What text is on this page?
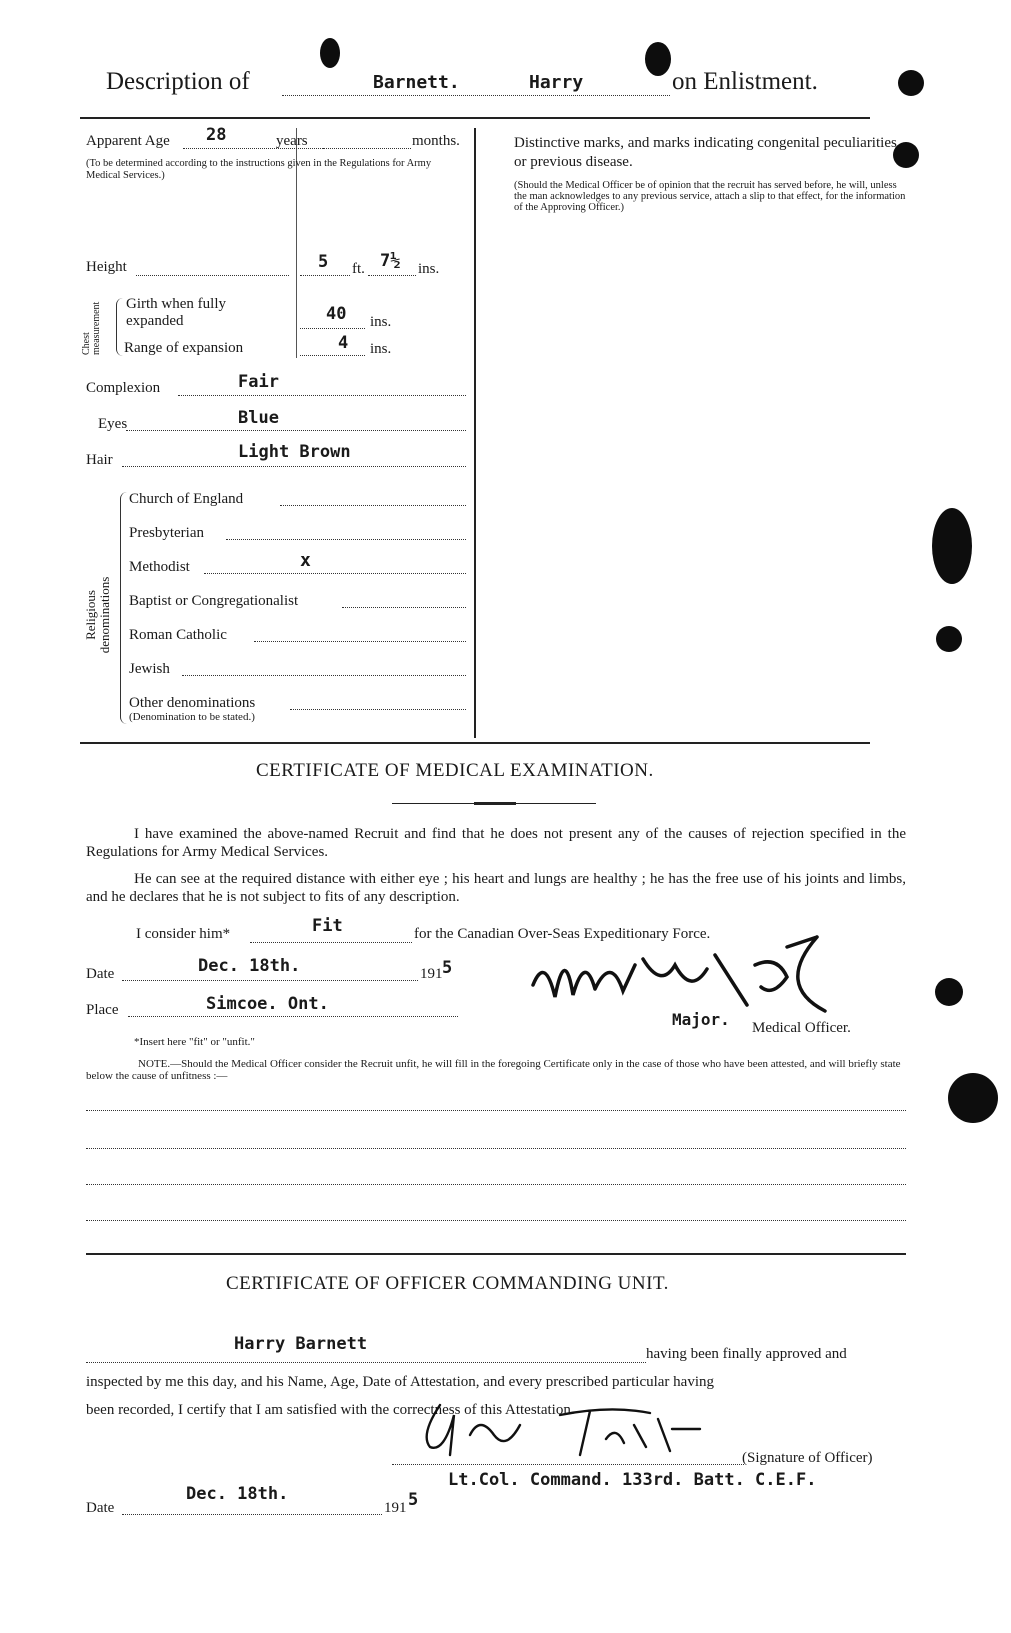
Description of	Barnett.	Harry	on Enlistment.
Apparent Age 28	years	months.
(To be determined according to the instructions given in the Regulations for Army Medical Services.)
Height	5 ft. 7½ ins.
Chest measurement Girth when fully expanded	40 ins.
Range of expansion	4 ins.
Complexion	Fair
Eyes	Blue
Hair	Light Brown
Religious denominations
Church of England
Presbyterian
Methodist	x
Baptist or Congregationalist
Roman Catholic
Jewish
Other denominations
(Denomination to be stated.)
Distinctive marks, and marks indicating congenital peculiarities or previous disease.
(Should the Medical Officer be of opinion that the recruit has served before, he will, unless the man acknowledges to any previous service, attach a slip to that effect, for the information of the Approving Officer.)
CERTIFICATE OF MEDICAL EXAMINATION.
I have examined the above-named Recruit and find that he does not present any of the causes of rejection specified in the Regulations for Army Medical Services.
He can see at the required distance with either eye ; his heart and lungs are healthy ; he has the free use of his joints and limbs, and he declares that he is not subject to fits of any description.
I consider him*	Fit	for the Canadian Over-Seas Expeditionary Force.
Date	Dec. 18th.	191 5
Place	Simcoe. Ont.
Major. Medical Officer.
*Insert here "fit" or "unfit."
NOTE.—Should the Medical Officer consider the Recruit unfit, he will fill in the foregoing Certificate only in the case of those who have been attested, and will briefly state below the cause of unfitness :—
CERTIFICATE OF OFFICER COMMANDING UNIT.
Harry Barnett	having been finally approved and
inspected by me this day, and his Name, Age, Date of Attestation, and every prescribed particular having
been recorded, I certify that I am satisfied with the correctness of this Attestation.
(Signature of Officer)
Lt.Col. Command. 133rd. Batt. C.E.F.
Date
Dec. 18th.
191 5
